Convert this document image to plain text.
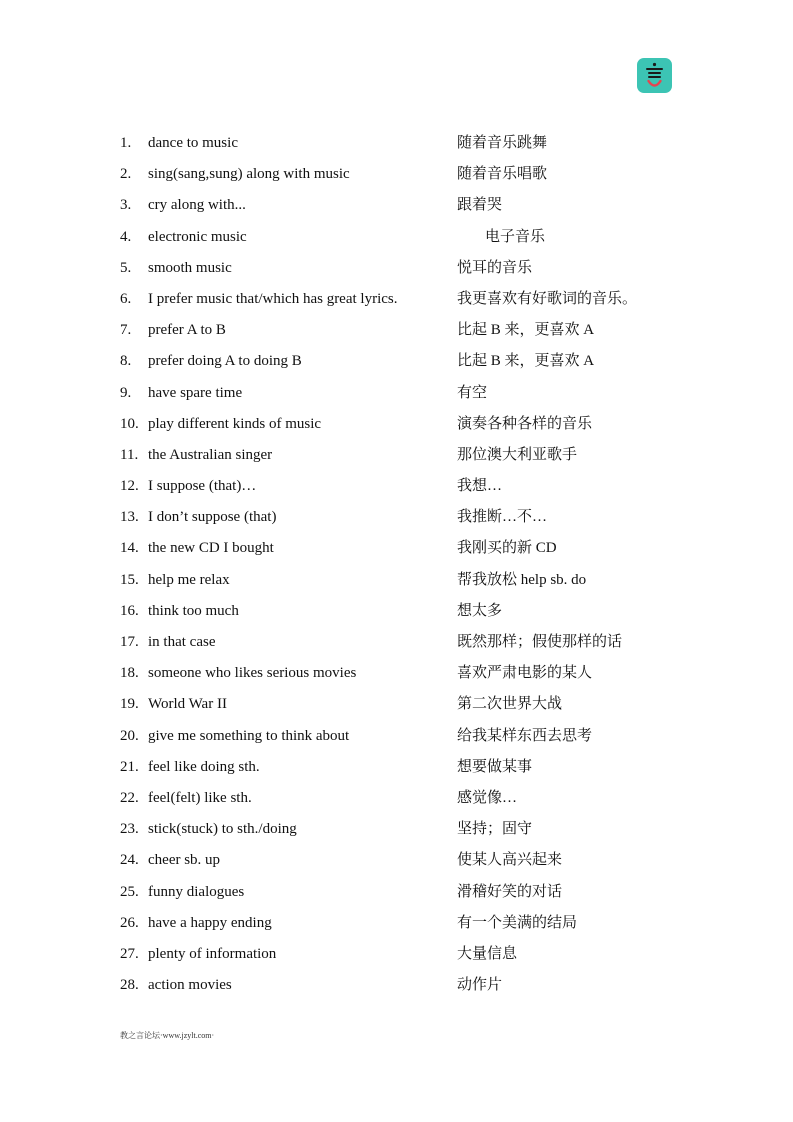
1. dance to music	随着音乐跳舞
2. sing(sang,sung) along with music	随着音乐唱歌
3. cry along with...	跟着哭
4. electronic music	电子音乐
5. smooth music	悦耳的音乐
6. I prefer music that/which has great lyrics.	我更喜欢有好歌词的音乐。
7. prefer A to B	比起 B 来，更喜欢 A
8. prefer doing A to doing B	比起 B 来，更喜欢 A
9. have spare time	有空
10. play different kinds of music	演奏各种各样的音乐
11. the Australian singer	那位澳大利亚歌手
12. I suppose (that)…	我想…
13. I don’t suppose (that)	我推断…不…
14. the new CD I bought	我刚买的新 CD
15. help me relax	帮我放松 help sb. do
16. think too much	想太多
17. in that case	既然那样；假使那样的话
18. someone who likes serious movies	喜欢严肃电影的某人
19. World War II	第二次世界大战
20. give me something to think about	给我某样东西去思考
21. feel like doing sth.	想要做某事
22. feel(felt) like sth.	感觉像…
23. stick(stuck) to sth./doing	坚持；固守
24. cheer sb. up	使某人高兴起来
25. funny dialogues	滑稽好笑的对话
26. have a happy ending	有一个美满的结局
27. plenty of information	大量信息
28. action movies	动作片
教之言论坛·www.jzylt.com·
